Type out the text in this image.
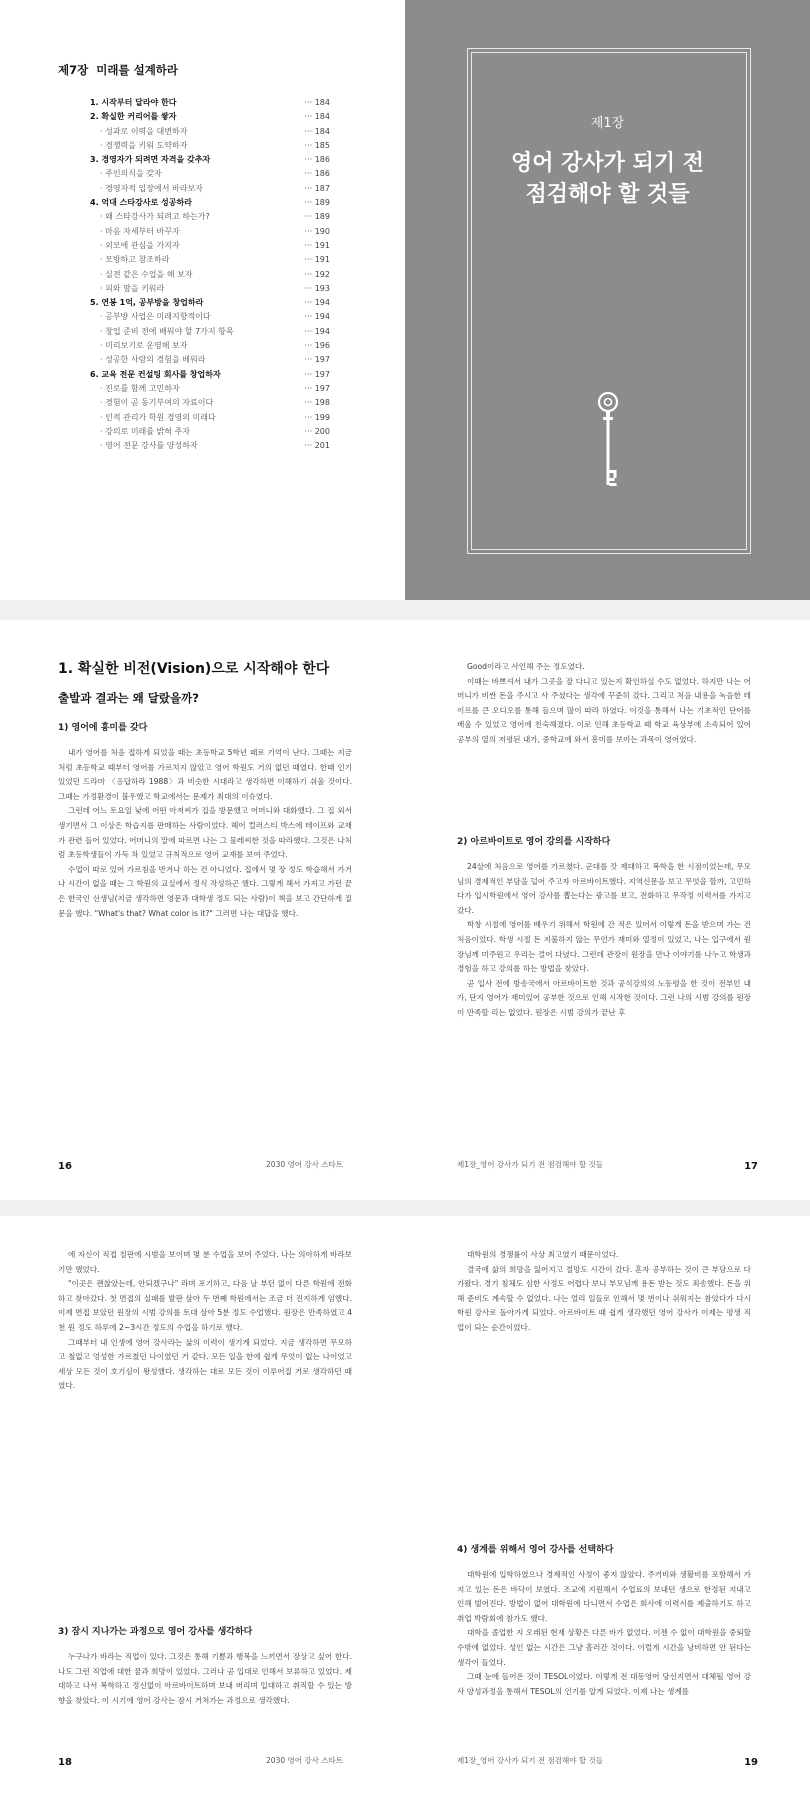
제7장 미래를 설계하라
1. 시작부터 달라야 한다	··· 184
2. 확실한 커리어를 쌓자	··· 184
· 성과로 이력을 대변하자	··· 184
· 경쟁력을 키워 도약하자	··· 185
3. 경영자가 되려면 자격을 갖추자	··· 186
· 주인의식을 갖자	··· 186
· 경영자적 입장에서 바라보자	··· 187
4. 억대 스타강사로 성공하라	··· 189
· 왜 스타강사가 되려고 하는가?	··· 189
· 마음 자세부터 바꾸자	··· 190
· 외모에 관심을 가지자	··· 191
· 모방하고 참조하라	··· 191
· 실전 같은 수업을 해 보자	··· 192
· 피와 땀을 키워라	··· 193
5. 연봉 1억, 공부방을 창업하라	··· 194
· 공부방 사업은 미래지향적이다	··· 194
· 창업 준비 전에 배워야 할 7가지 항목	··· 194
· 미리보기로 운영해 보자	··· 196
· 성공한 사람의 경험을 배워라	··· 197
6. 교육 전문 컨설팅 회사를 창업하자	··· 197
· 진로를 함께 고민하자	··· 197
· 경험이 곧 동기부여의 자료이다	··· 198
· 인적 관리가 학원 경영의 미래다	··· 199
· 강의로 미래를 밝혀 주자	··· 200
· 영어 전문 강사를 양성하자	··· 201
제1장
영어 강사가 되기 전
점검해야 할 것들
1. 확실한 비전(Vision)으로 시작해야 한다
출발과 결과는 왜 달랐을까?
1) 영어에 흥미를 갖다

내가 영어를 처음 접하게 되었을 때는 초등학교 5학년 때로 기억이 난다. 그때는 지금처럼 초등학교 때부터 영어를 가르치지 않았고 영어 학원도 거의 없던 때였다. 한때 인기 있었던 드라마 〈응답하라 1988〉과 비슷한 시대라고 생각하면 이해하기 쉬울 것이다. 그때는 가정환경이 불우했고 학교에서는 문제가 최대의 이슈였다.

그런데 어느 토요일 낮에 어떤 아저씨가 집을 방문했고 어머니와 대화했다. 그 집 외서 생기면서 그 이상은 학습지를 판매하는 사람이었다. 헤어 컬러스티 박스에 테이프와 교재가 관련 들어 있었다. 어머니의 말에 따르면 나는 그 물레씨한 것을 따라했다. 그것은 나처럼 초등학생들이 가득 차 있었고 규칙적으로 영어 교재를 보여 주었다.

수업이 따로 있어 가르침을 반겨나 하는 건 아니었다. 집에서 몇 장 정도 학습해서 가거나 시간이 없을 때는 그 학원의 교실에서 정식 작성하곤 했다. 그렇게 해서 가져고 가던 끝은 한국인 선생님(지금 생각하면 영문과 대학생 정도 되는 사람)이 책을 보고 간단하게 질문을 했다. "What's that? What color is it?" 그러면 나는 대답을 했다.

16	2030 영어 강사 스타트

Good이라고 사인해 주는 정도였다.

이때는 바쁘셔서 내가 그곳을 잘 다니고 있는지 확인하실 수도 없었다. 하지만 나는 어머니가 비싼 돈을 주시고 사 주셨다는 생각에 꾸준히 갔다. 그리고 처음 내용을 녹음한 테이프를 큰 오디오를 통해 들으며 많이 따라 하였다. 이것을 통해서 나는 기초적인 단어를 배울 수 있었고 영어에 친숙해졌다. 이로 인해 초등학교 때 학교 육상부에 소속되어 있어 공부의 열의 저평된 내가, 중학교에 와서 흥미를 보이는 과목이 영어였다.

2) 아르바이트로 영어 강의를 시작하다

24살에 처음으로 영어를 가르쳤다. 군대를 갓 제대하고 복학을 한 시점이었는데, 무모님의 경제적인 부담을 덜어 주고자 아르바이트했다. 지역신문을 보고 무엇을 할까, 고민하다가 입시학원에서 영어 강사를 뽑는다는 광고를 보고, 전화하고 무작정 이력서를 가지고 갔다.

학창 시절에 영어를 배우기 위해서 학원에 간 적은 있어서 이렇게 돈을 받으며 가는 건 처음이었다. 학생 시절 돈 지불하지 않는 무언가 재미와 열정이 있었고, 나는 입구에서 원장님께 미주원고 우리는 걸어 다녔다. 그런데 관장이 원장을 만나 이야기를 나누고 학생과 경험을 하고 강의를 하는 방법을 찾았다.

곧 입사 전에 방송국에서 아르바이트한 것과 공식강의의 노동령을 한 것이 전부인 내가, 단지 영어가 재미있어 공부한 것으로 인해 시작한 것이다. 그런 나의 시범 강의를 원장이 만족할 리는 없었다. 원장은 시범 강의가 끝난 후

제1장_영어 강사가 되기 전 점검해야 할 것들	17

에 자신이 직접 칠판에 시범을 보이며 몇 분 수업을 보여 주었다. 나는 의아하게 바라보기만 했었다.

"이곳은 괜찮았는데, 안되겠구나" 라며 포기하고, 다음 날 부턴 없이 다른 학원에 전화하고 찾아갔다. 첫 면접의 실패를 발판 삼아 두 번째 학원에서는 조금 더 진지하게 임했다. 이제 면접 보았던 원장의 시범 강의를 토대 삼아 5분 정도 수업했다. 원장은 만족하였고 4천 원 정도 하루에 2~3시간 정도의 수업을 하기로 했다.

그때부터 내 인생에 영어 강사라는 삶의 이력이 생기게 되었다. 지금 생각하면 무모하고 철없고 엉성한 가르쳤던 나이였던 거 같다. 모든 일을 한에 쉽게 무엇이 없는 나이었고 세상 모든 것이 호기심이 왕성했다. 생각하는 대로 모든 것이 이루어질 거로 생각하던 때였다.

3) 잠시 지나가는 과정으로 영어 강사를 생각하다

누구나가 바라는 직업이 있다. 그것은 통해 기쁨과 행복을 느끼면서 장상고 싶어 한다. 나도 그런 직업에 대한 꿈과 희망이 있었다. 그러나 곧 입대로 인해서 보류하고 있었다. 제대하고 나서 복학하고 정신없이 아르바이트하며 보내 버리며 입대하고 취직할 수 있는 방향을 찾았다. 이 시기에 영어 강사는 잠시 거쳐가는 과정으로 생각했다.

18	2030 영어 강사 스타트

대학원의 경쟁률이 사상 최고였기 때문이었다.

결국에 삶의 희망을 잃어지고 절망도 시간이 갔다. 혼자 공부하는 것이 큰 부담으로 다가왔다. 경기 침체도 심한 사정도 어렵다 보니 부모님께 용돈 받는 것도 죄송했다. 돈을 위해 준비도 계속할 수 없었다. 나는 얼리 일들로 인해서 몇 번이나 쉬워지는 참았다가 다시 학원 강사로 돌아가게 되었다. 아르바이트 때 쉽게 생각했던 영어 강사가 이제는 평생 직업이 되는 순간이었다.

4) 생계를 위해서 영어 강사를 선택하다

대학원에 입학하였으나 경제적인 사정이 좋지 않았다. 주거비와 생활비를 포함해서 가지고 있는 돈은 바닥이 보였다. 조교에 지원해서 수업료의 보내던 생으로 한정된 지내고 인해 벌어진다. 방법이 없어 대학원에 다니면서 수업은 회사에 이력서를 제출하기도 하고 취업 박람회에 참가도 했다.

대학을 졸업한 지 오래된 현재 상황은 다른 바가 없었다. 이젠 수 없이 대학원을 중퇴할 수밖에 없었다. 성인 없는 시간은 그냥 흘러간 것이다. 이럴게 시간을 낭비하면 안 된다는 생각이 들었다.

그때 눈에 들어온 것이 TESOL이었다. 이렇게 전 대동영어 당선지면서 대체될 영어 강사 양성과정을 통해서 TESOL의 인기를 알게 되었다. 이제 나는 생계를

제1장_영어 강사가 되기 전 점검해야 할 것들	19
